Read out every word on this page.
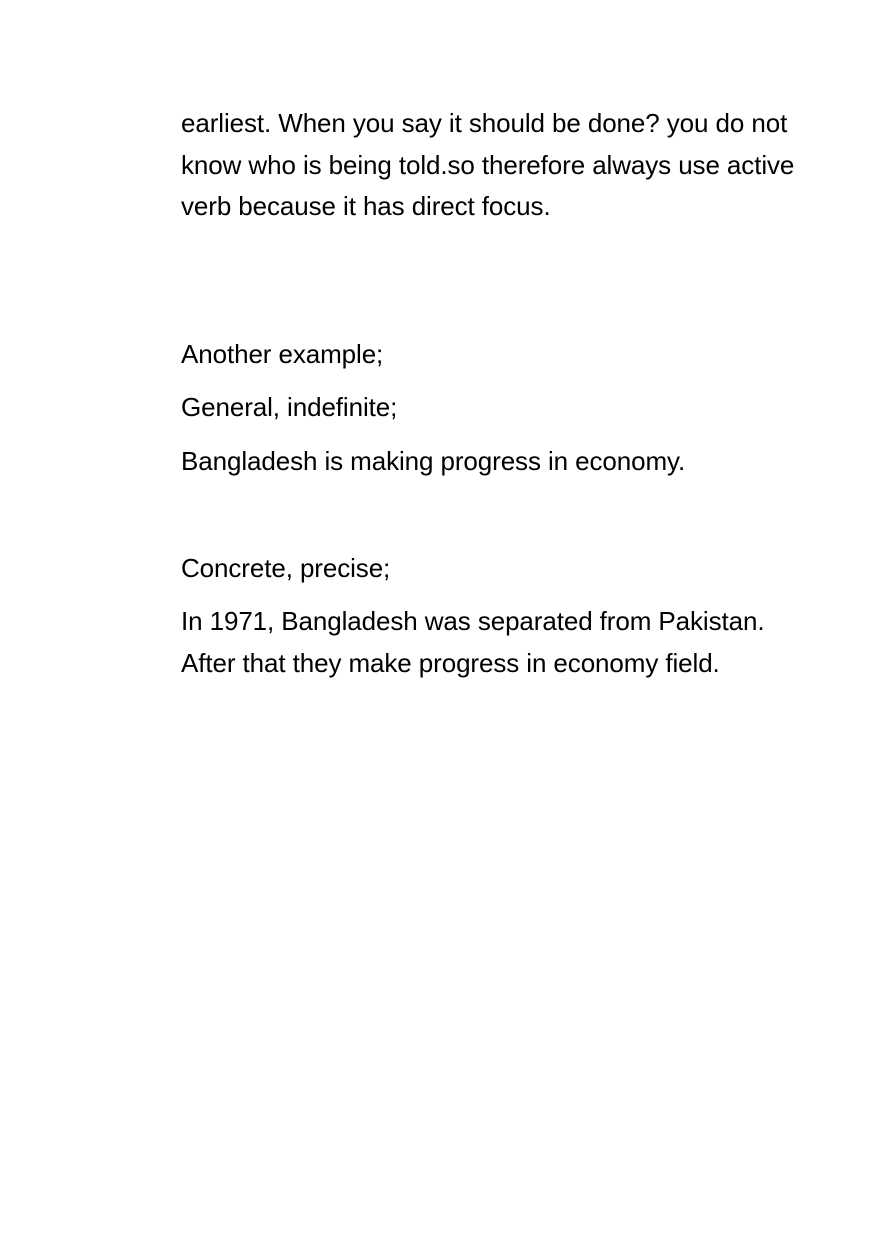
earliest. When you say it should be done? you do not know who is being told.so therefore always use active verb because it has direct focus.

Another example;

General, indefinite;

Bangladesh is making progress in economy.

Concrete, precise;

In 1971, Bangladesh was separated from Pakistan. After that they make progress in economy field.
